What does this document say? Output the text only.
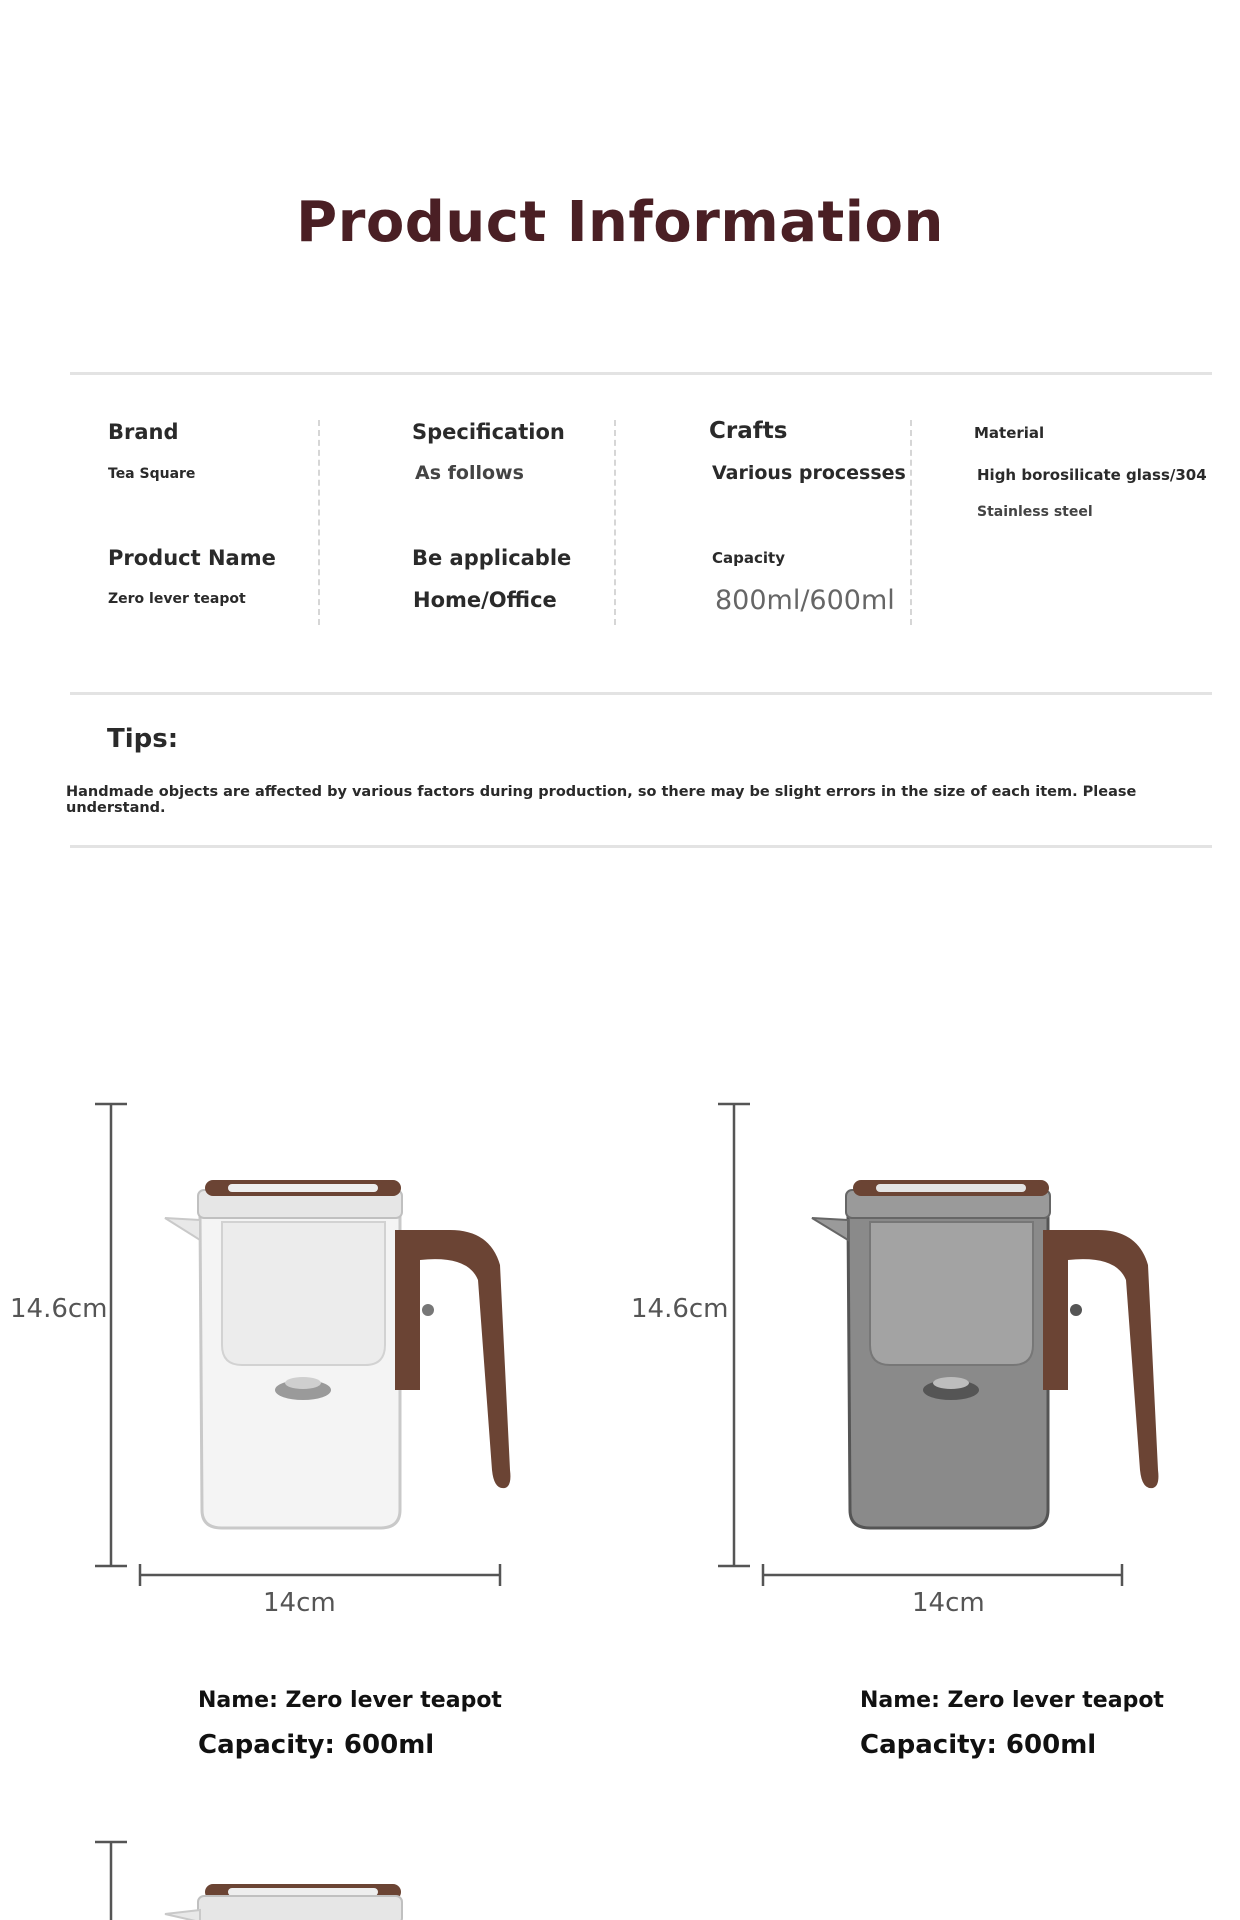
Product Information
Brand
Tea Square
Product Name
Zero lever teapot
Specification
As follows
Be applicable
Home/Office
Crafts
Various processes
Capacity
800ml/600ml
Material
High borosilicate glass/304
Stainless steel
Tips:
Handmade objects are affected by various factors during production, so there may be slight errors in the size of each item. Please understand.
14.6cm
14cm
Name: Zero lever teapot
Capacity: 600ml
14.6cm
14cm
Name: Zero lever teapot
Capacity: 600ml
